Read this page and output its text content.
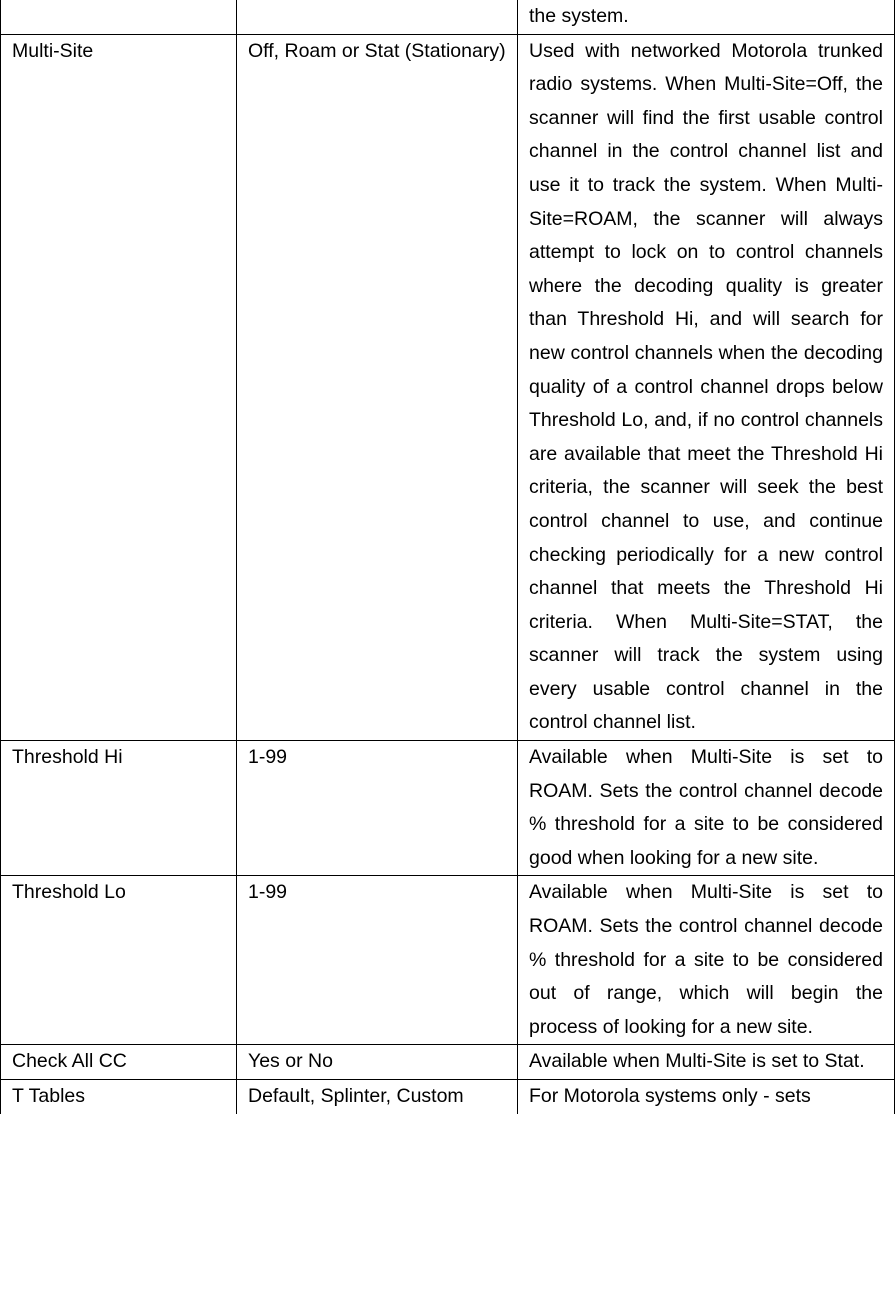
		the system.
Multi-Site	Off, Roam or Stat (Stationary)	Used with networked Motorola trunked radio systems. When Multi-Site=Off, the scanner will find the first usable control channel in the control channel list and use it to track the system. When Multi-Site=ROAM, the scanner will always attempt to lock on to control channels where the decoding quality is greater than Threshold Hi, and will search for new control channels when the decoding quality of a control channel drops below Threshold Lo, and, if no control channels are available that meet the Threshold Hi criteria, the scanner will seek the best control channel to use, and continue checking periodically for a new control channel that meets the Threshold Hi criteria. When Multi-Site=STAT, the scanner will track the system using every usable control channel in the control channel list.
Threshold Hi	1-99	Available when Multi-Site is set to ROAM. Sets the control channel decode % threshold for a site to be considered good when looking for a new site.
Threshold Lo	1-99	Available when Multi-Site is set to ROAM. Sets the control channel decode % threshold for a site to be considered out of range, which will begin the process of looking for a new site.
Check All CC	Yes or No	Available when Multi-Site is set to Stat.
T Tables	Default, Splinter, Custom	For Motorola systems only - sets
